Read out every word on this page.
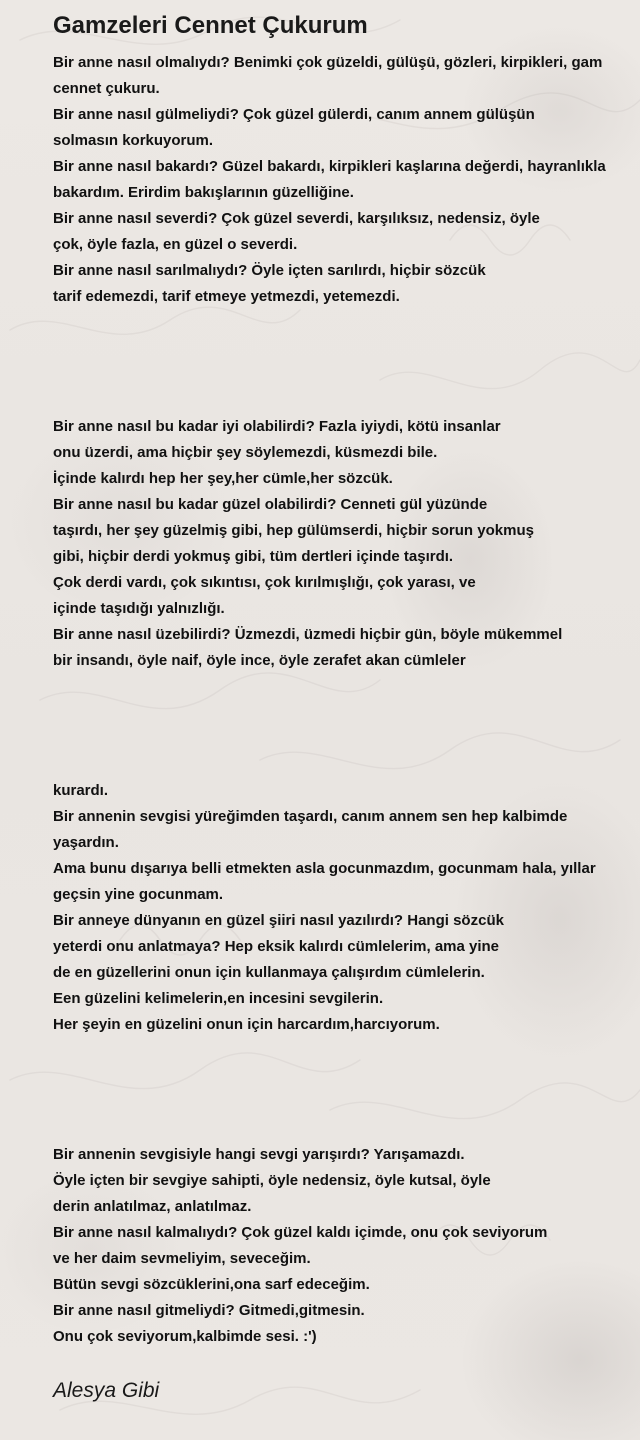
Gamzeleri Cennet Çukurum
Bir anne nasıl olmalıydı? Benimki çok güzeldi, gülüşü, gözleri, kirpikleri, gam
cennet çukuru.
Bir anne nasıl gülmeliydi? Çok güzel gülerdi, canım annem gülüşün
solmasın korkuyorum.
Bir anne nasıl bakardı? Güzel bakardı, kirpikleri kaşlarına değerdi, hayranlıkla
bakardım. Erirdim bakışlarının güzelliğine.
Bir anne nasıl severdi? Çok güzel severdi, karşılıksız, nedensiz, öyle
çok, öyle fazla, en güzel o severdi.
Bir anne nasıl sarılmalıydı? Öyle içten sarılırdı, hiçbir sözcük
tarif edemezdi, tarif etmeye yetmezdi, yetemezdi.
Bir anne nasıl bu kadar iyi olabilirdi? Fazla iyiydi, kötü insanlar
onu üzerdi, ama hiçbir şey söylemezdi, küsmezdi bile.
İçinde kalırdı hep her şey,her cümle,her sözcük.
Bir anne nasıl bu kadar güzel olabilirdi? Cenneti gül yüzünde
taşırdı, her şey güzelmiş gibi, hep gülümserdi, hiçbir sorun yokmuş
gibi, hiçbir derdi yokmuş gibi, tüm dertleri içinde taşırdı.
Çok derdi vardı, çok sıkıntısı, çok kırılmışlığı, çok yarası, ve
içinde taşıdığı yalnızlığı.
Bir anne nasıl üzebilirdi? Üzmezdi, üzmedi hiçbir gün, böyle mükemmel
bir insandı, öyle naif, öyle ince, öyle zerafet akan cümleler
kurardı.
Bir annenin sevgisi yüreğimden taşardı, canım annem sen hep kalbimde
yaşardın.
Ama bunu dışarıya belli etmekten asla gocunmazdım, gocunmam hala, yıllar
geçsin yine gocunmam.
Bir anneye dünyanın en güzel şiiri nasıl yazılırdı? Hangi sözcük
yeterdi onu anlatmaya? Hep eksik kalırdı cümlelerim, ama yine
de en güzellerini onun için kullanmaya çalışırdım cümlelerin.
Een güzelini kelimelerin,en incesini sevgilerin.
Her şeyin en güzelini onun için harcardım,harcıyorum.
Bir annenin sevgisiyle hangi sevgi yarışırdı? Yarışamazdı.
Öyle içten bir sevgiye sahipti, öyle nedensiz, öyle kutsal, öyle
derin anlatılmaz, anlatılmaz.
Bir anne nasıl kalmalıydı? Çok güzel kaldı içimde, onu çok seviyorum
ve her daim sevmeliyim, seveceğim.
Bütün sevgi sözcüklerini,ona sarf edeceğim.
Bir anne nasıl gitmeliydi? Gitmedi,gitmesin.
Onu çok seviyorum,kalbimde sesi. :')
Alesya Gibi
